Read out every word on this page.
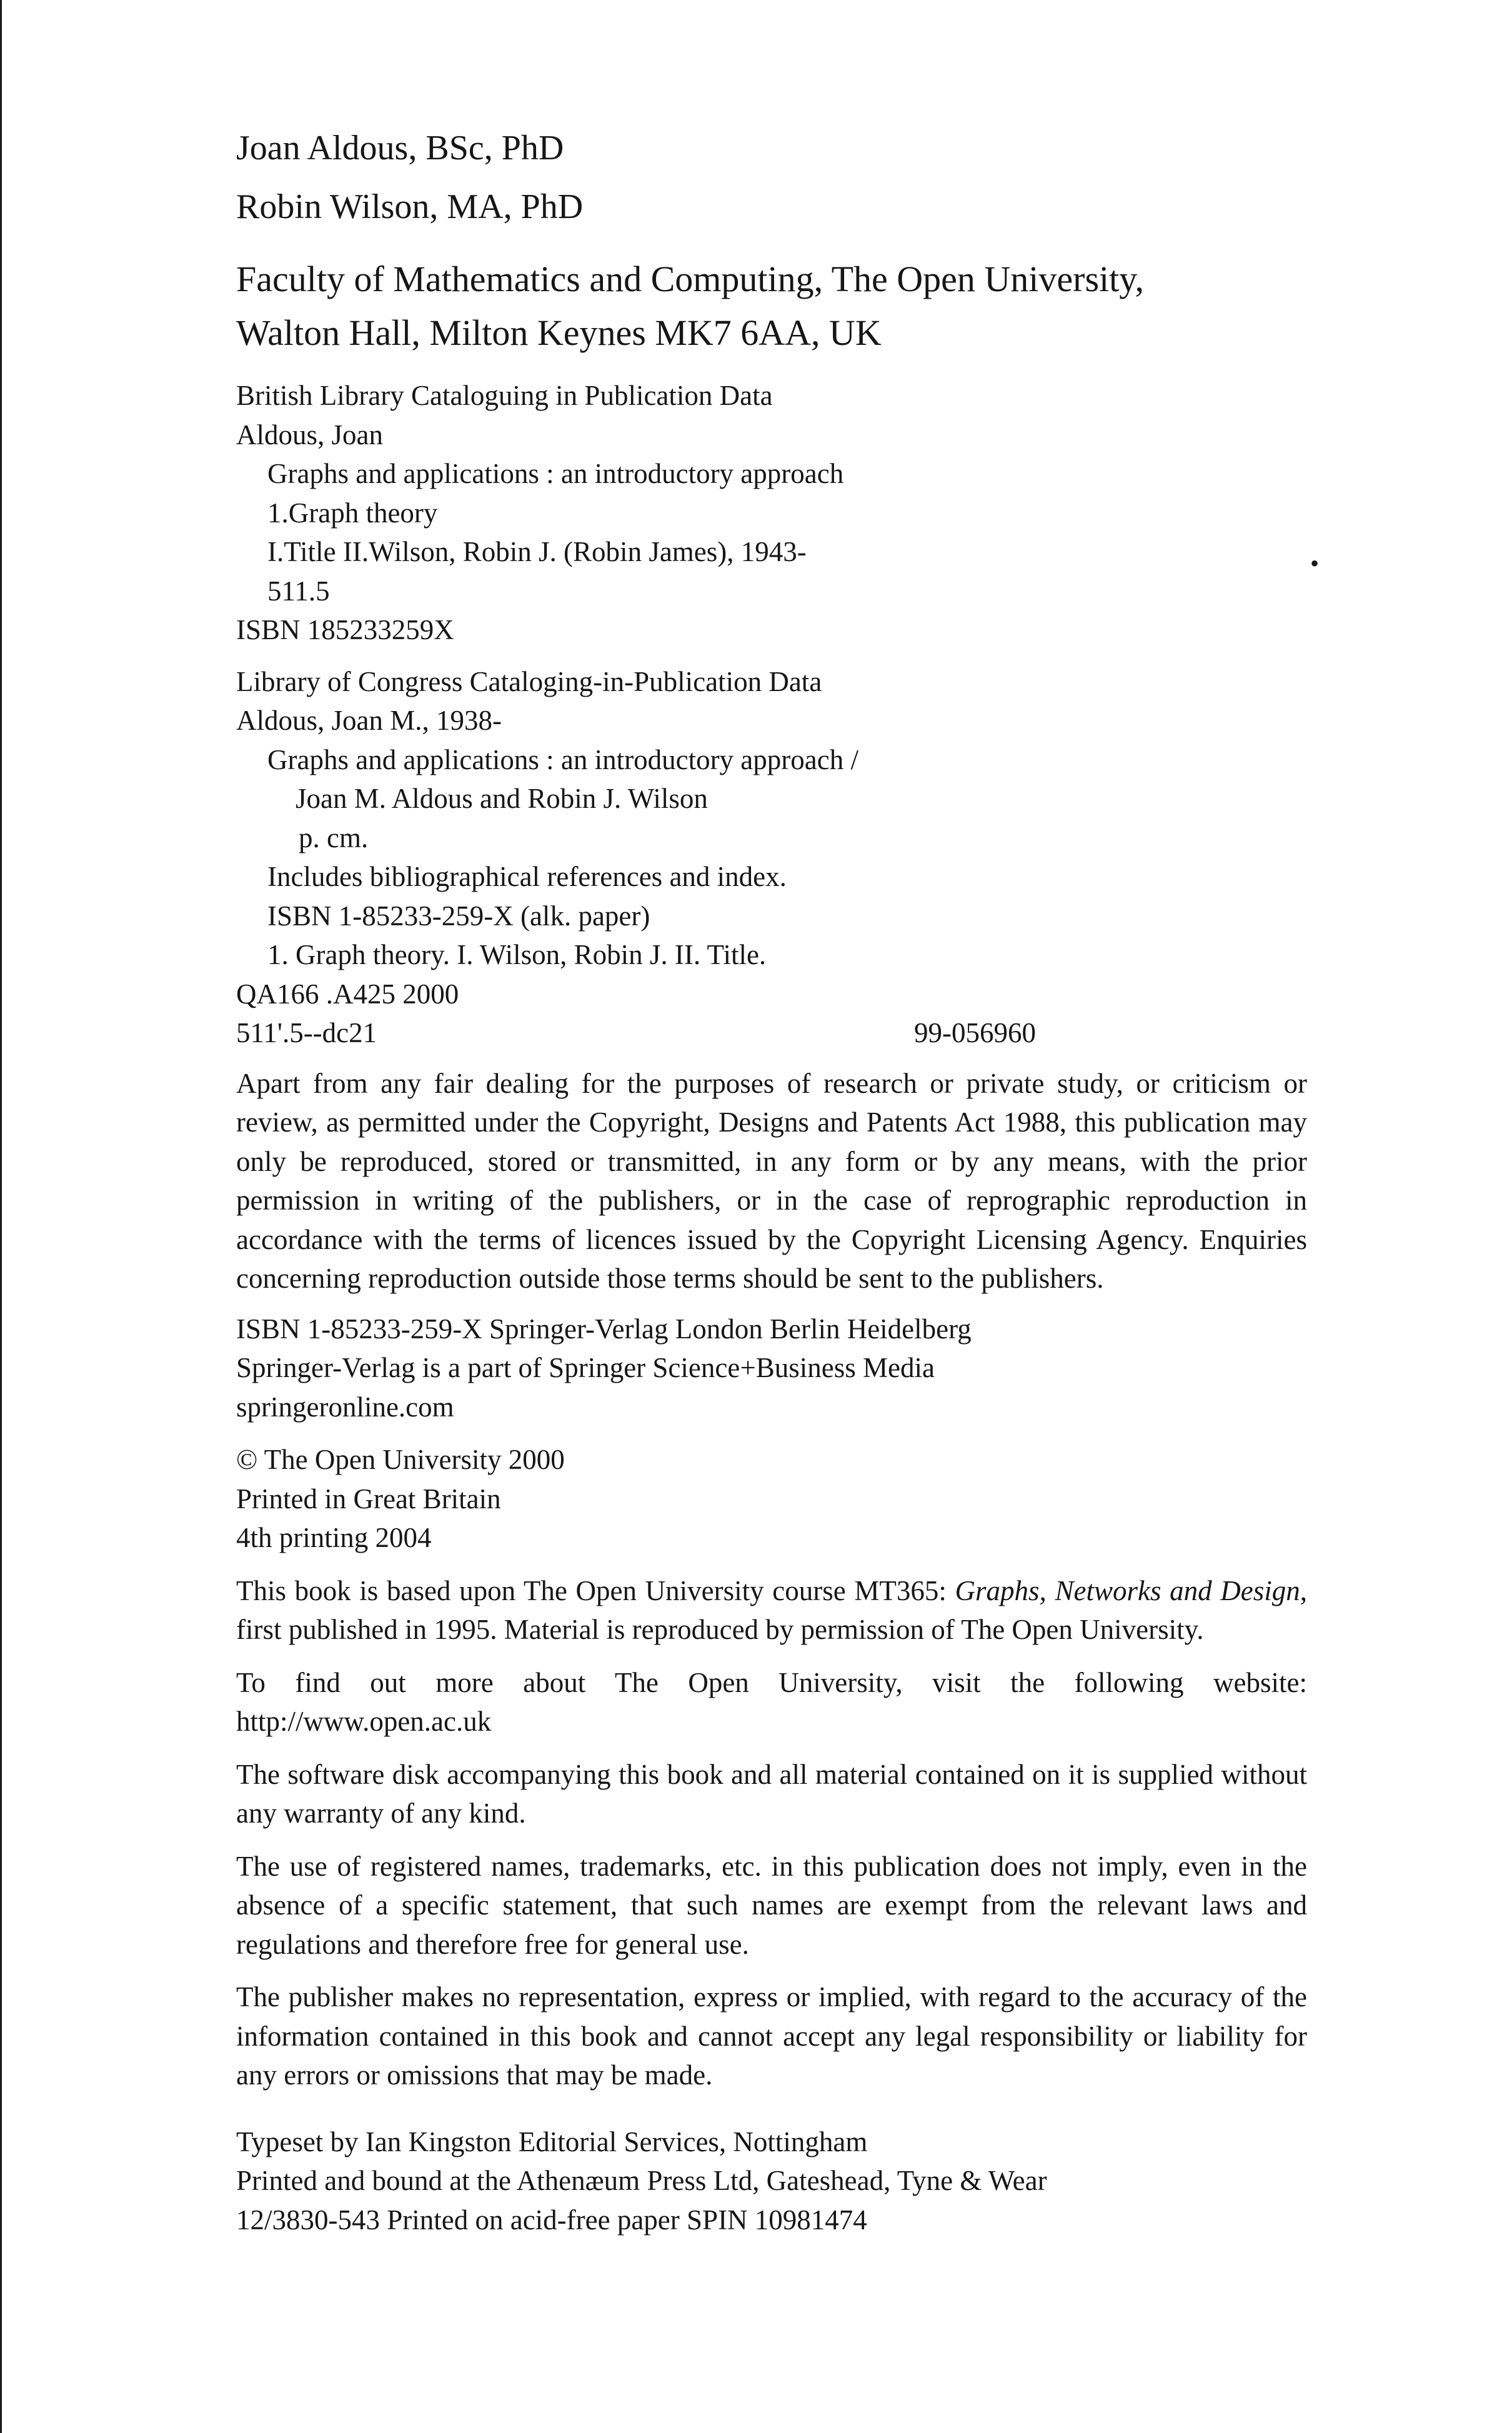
•
Joan Aldous, BSc, PhD
Robin Wilson, MA, PhD
Faculty of Mathematics and Computing, The Open University,
Walton Hall, Milton Keynes MK7 6AA, UK
British Library Cataloguing in Publication Data
Aldous, Joan
Graphs and applications : an introductory approach
1.Graph theory
I.Title II.Wilson, Robin J. (Robin James), 1943-
511.5
ISBN 185233259X
Library of Congress Cataloging-in-Publication Data
Aldous, Joan M., 1938-
Graphs and applications : an introductory approach /
Joan M. Aldous and Robin J. Wilson
p. cm.
Includes bibliographical references and index.
ISBN 1-85233-259-X (alk. paper)
1. Graph theory. I. Wilson, Robin J. II. Title.
QA166 .A425 2000
511'.5--dc21	99-056960

Apart from any fair dealing for the purposes of research or private study, or criticism or review, as permitted under the Copyright, Designs and Patents Act 1988, this publication may only be reproduced, stored or transmitted, in any form or by any means, with the prior permission in writing of the publishers, or in the case of reprographic reproduction in accordance with the terms of licences issued by the Copyright Licensing Agency. Enquiries concerning reproduction outside those terms should be sent to the publishers.

ISBN 1-85233-259-X Springer-Verlag London Berlin Heidelberg
Springer-Verlag is a part of Springer Science+Business Media
springeronline.com
© The Open University 2000
Printed in Great Britain
4th printing 2004

This book is based upon The Open University course MT365: Graphs, Networks and Design, first published in 1995. Material is reproduced by permission of The Open University.

To find out more about The Open University, visit the following website: http://www.open.ac.uk

The software disk accompanying this book and all material contained on it is supplied without any warranty of any kind.

The use of registered names, trademarks, etc. in this publication does not imply, even in the absence of a specific statement, that such names are exempt from the relevant laws and regulations and therefore free for general use.

The publisher makes no representation, express or implied, with regard to the accuracy of the information contained in this book and cannot accept any legal responsibility or liability for any errors or omissions that may be made.

Typeset by Ian Kingston Editorial Services, Nottingham
Printed and bound at the Athenæum Press Ltd, Gateshead, Tyne & Wear
12/3830-543 Printed on acid-free paper SPIN 10981474
